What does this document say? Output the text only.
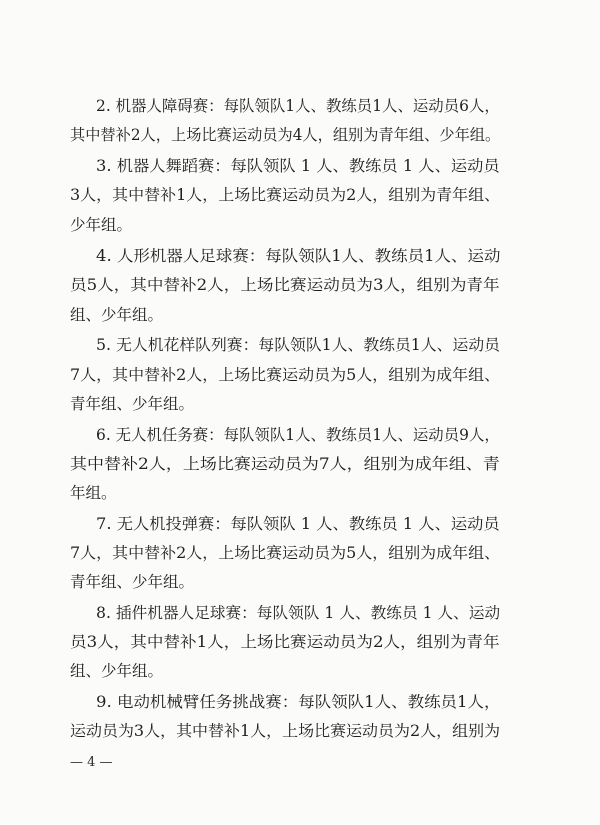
2. 机器人障碍赛：每队领队1人、教练员1人、运动员6人，
其中替补2人，上场比赛运动员为4人，组别为青年组、少年组。
3. 机器人舞蹈赛：每队领队 1 人、教练员 1 人、运动员
3人，其中替补1人，上场比赛运动员为2人，组别为青年组、
少年组。
4. 人形机器人足球赛：每队领队1人、教练员1人、运动
员5人，其中替补2人，上场比赛运动员为3人，组别为青年
组、少年组。
5. 无人机花样队列赛：每队领队1人、教练员1人、运动员
7人，其中替补2人，上场比赛运动员为5人，组别为成年组、
青年组、少年组。
6. 无人机任务赛：每队领队1人、教练员1人、运动员9人，
其中替补2人，上场比赛运动员为7人，组别为成年组、青
年组。
7. 无人机投弹赛：每队领队 1 人、教练员 1 人、运动员
7人，其中替补2人，上场比赛运动员为5人，组别为成年组、
青年组、少年组。
8. 插件机器人足球赛：每队领队 1 人、教练员 1 人、运动
员3人，其中替补1人，上场比赛运动员为2人，组别为青年
组、少年组。
9. 电动机械臂任务挑战赛：每队领队1人、教练员1人，
运动员为3人，其中替补1人，上场比赛运动员为2人，组别为
— 4 —
